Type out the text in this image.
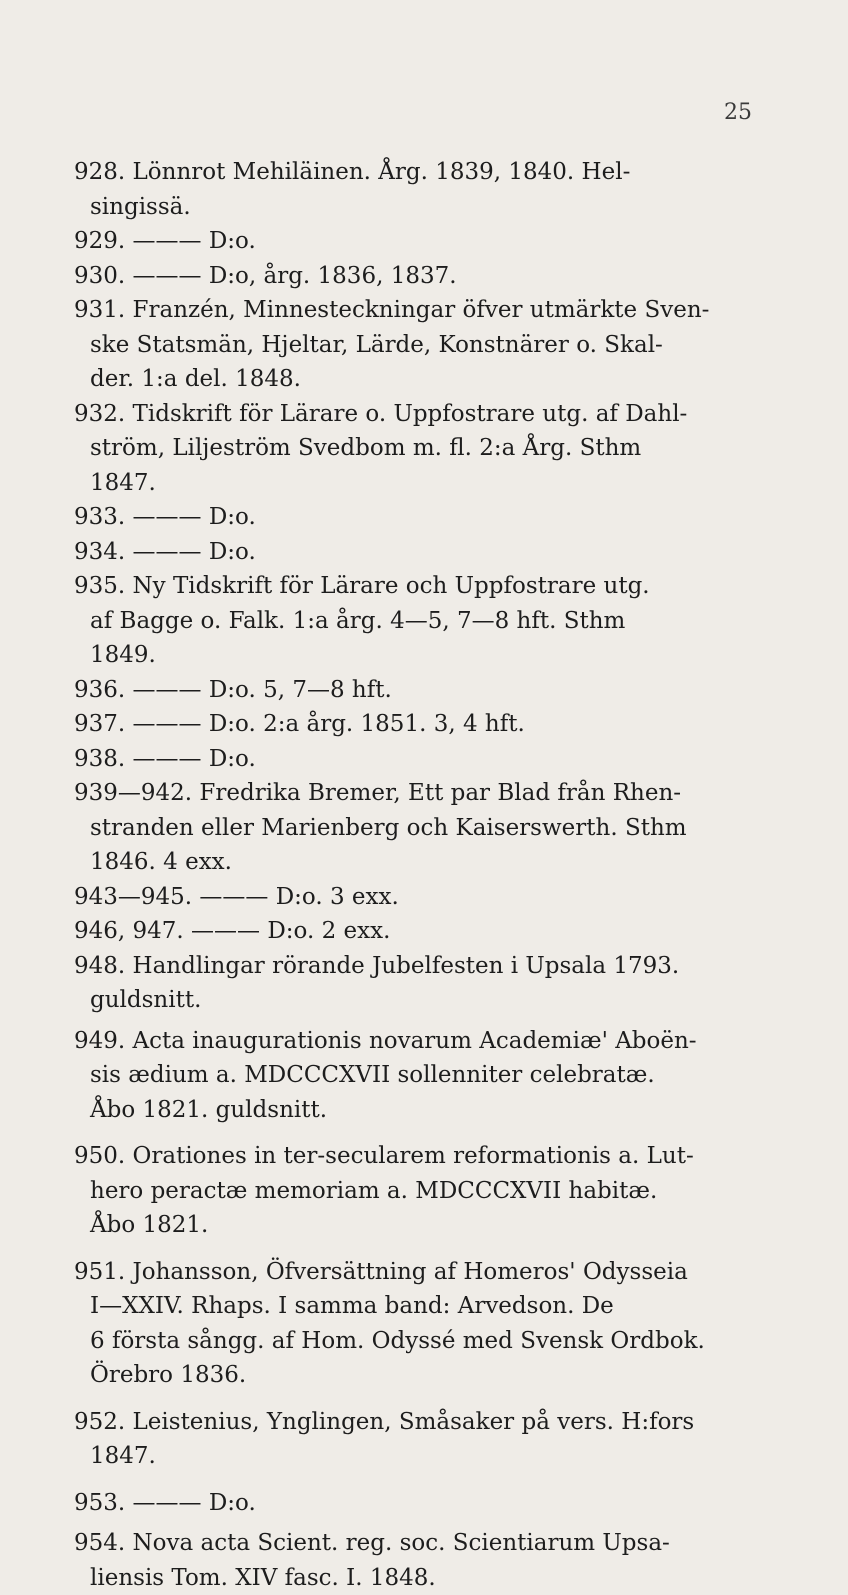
25
928. Lönnrot Mehiläinen. Årg. 1839, 1840. Hel-
singissä.
929. ——— D:o.
930. ——— D:o, årg. 1836, 1837.
931. Franzén, Minnesteckningar öfver utmärkte Sven-
ske Statsmän, Hjeltar, Lärde, Konstnärer o. Skal-
der. 1:a del. 1848.
932. Tidskrift för Lärare o. Uppfostrare utg. af Dahl-
ström, Liljeström Svedbom m. fl. 2:a Årg. Sthm
1847.
933. ——— D:o.
934. ——— D:o.
935. Ny Tidskrift för Lärare och Uppfostrare utg.
af Bagge o. Falk. 1:a årg. 4—5, 7—8 hft. Sthm
1849.
936. ——— D:o. 5, 7—8 hft.
937. ——— D:o. 2:a årg. 1851. 3, 4 hft.
938. ——— D:o.
939—942. Fredrika Bremer, Ett par Blad från Rhen-
stranden eller Marienberg och Kaiserswerth. Sthm
1846. 4 exx.
943—945. ——— D:o. 3 exx.
946, 947. ——— D:o. 2 exx.
948. Handlingar rörande Jubelfesten i Upsala 1793.
guldsnitt.
949. Acta inaugurationis novarum Academiæ' Aboën-
sis ædium a. MDCCCXVII sollenniter celebratæ.
Åbo 1821. guldsnitt.
950. Orationes in ter-secularem reformationis a. Lut-
hero peractæ memoriam a. MDCCCXVII habitæ.
Åbo 1821.
951. Johansson, Öfversättning af Homeros' Odysseia
I—XXIV. Rhaps. I samma band: Arvedson. De
6 första sångg. af Hom. Odyssé med Svensk Ordbok.
Örebro 1836.
952. Leistenius, Ynglingen, Småsaker på vers. H:fors
1847.
953. ——— D:o.
954. Nova acta Scient. reg. soc. Scientiarum Upsa-
liensis Tom. XIV fasc. I. 1848.
